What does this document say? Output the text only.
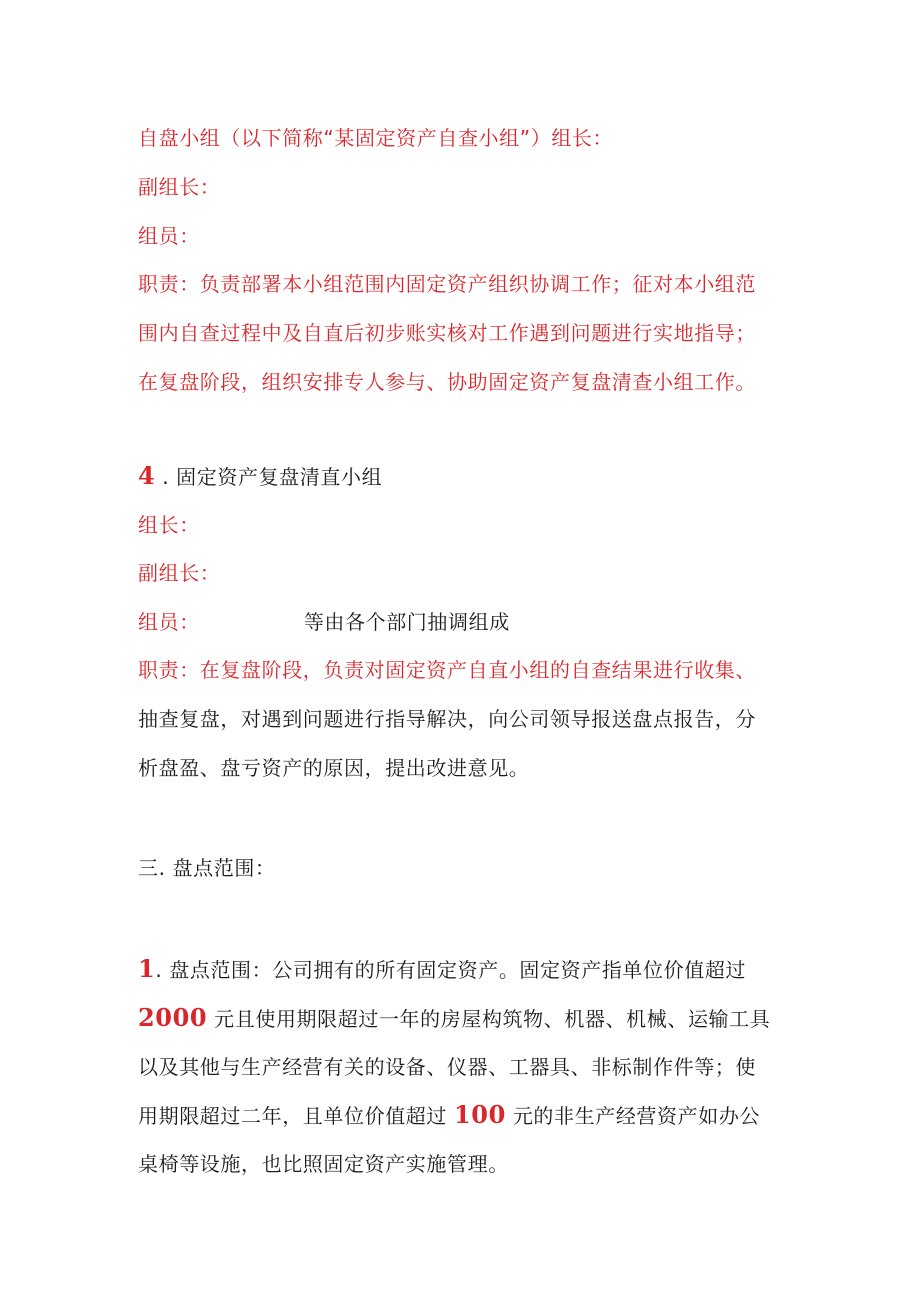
自盘小组（以下简称“某固定资产自查小组”）组长：
副组长：
组员：
职责：负责部署本小组范围内固定资产组织协调工作；征对本小组范
围内自查过程中及自直后初步账实核对工作遇到问题进行实地指导；
在复盘阶段，组织安排专人参与、协助固定资产复盘清查小组工作。
4 . 固定资产复盘清直小组
组长：
副组长：
组员：	等由各个部门抽调组成
职责：在复盘阶段，负责对固定资产自直小组的自查结果进行收集、
抽查复盘，对遇到问题进行指导解决，向公司领导报送盘点报告，分
析盘盈、盘亏资产的原因，提出改进意见。
三. 盘点范围：
1. 盘点范围：公司拥有的所有固定资产。固定资产指单位价值超过
2000 元且使用期限超过一年的房屋构筑物、机器、机械、运输工具
以及其他与生产经营有关的设备、仪器、工器具、非标制作件等；使
用期限超过二年，且单位价值超过 100 元的非生产经营资产如办公
桌椅等设施，也比照固定资产实施管理。
